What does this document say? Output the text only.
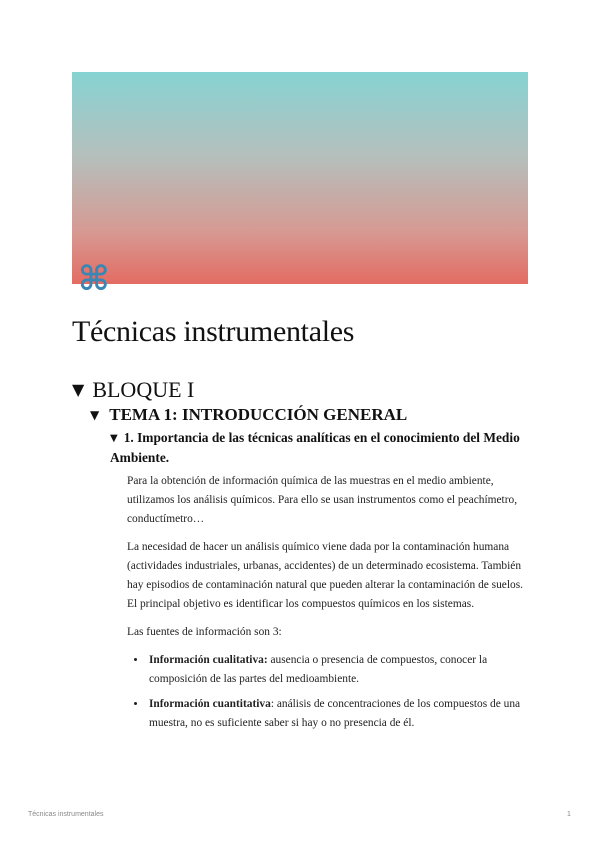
⌘
Técnicas instrumentales
▼ BLOQUE I
▼ TEMA 1: INTRODUCCIÓN GENERAL
▼ 1. Importancia de las técnicas analíticas en el conocimiento del Medio Ambiente.

Para la obtención de información química de las muestras en el medio ambiente, utilizamos los análisis químicos. Para ello se usan instrumentos como el peachímetro, conductímetro…

La necesidad de hacer un análisis químico viene dada por la contaminación humana (actividades industriales, urbanas, accidentes) de un determinado ecosistema. También hay episodios de contaminación natural que pueden alterar la contaminación de suelos. El principal objetivo es identificar los compuestos químicos en los sistemas.

Las fuentes de información son 3:

• Información cualitativa: ausencia o presencia de compuestos, conocer la composición de las partes del medioambiente.
• Información cuantitativa: análisis de concentraciones de los compuestos de una muestra, no es suficiente saber si hay o no presencia de él.
Técnicas instrumentales	1
